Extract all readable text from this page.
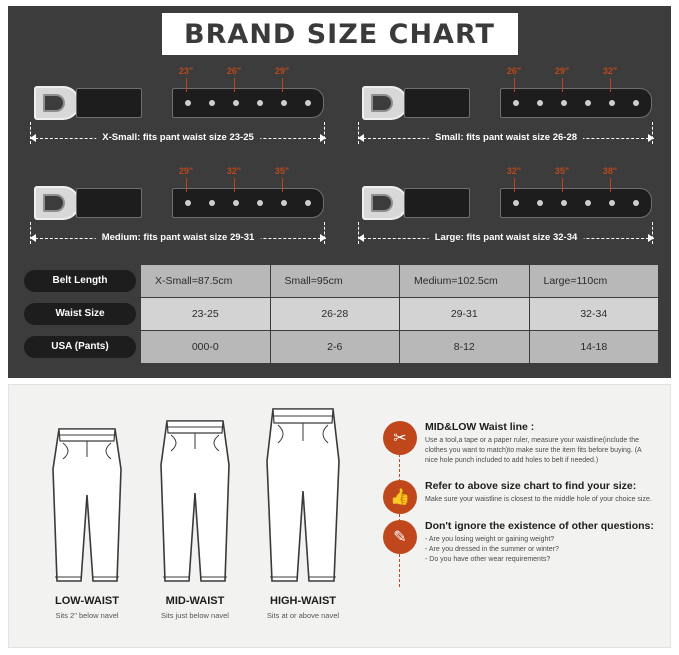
BRAND SIZE CHART
23"	26"	29"
X-Small: fits pant waist size 23-25
26"	29"	32"
Small: fits pant waist size 26-28
29"	32"	35"
Medium: fits pant waist size 29-31
32"	35"	38"
Large: fits pant waist size 32-34
Belt Length	X-Small=87.5cm	Small=95cm	Medium=102.5cm	Large=110cm

Waist Size	23-25	26-28	29-31	32-34

USA (Pants)	000-0	2-6	8-12	14-18
LOW-WAIST
Sits 2" below navel
MID-WAIST
Sits just below navel
HIGH-WAIST
Sits at or above navel
✂
MID&LOW Waist line :
Use a tool,a tape or a paper ruler, measure your waistline(include the
clothes you want to match)to make sure the item fits before buying. (A
nice hole punch included to add holes to belt if needed.)
👍
Refer to above size chart to find your size:
Make sure your waistline is closest to the middle hole of your choice size.
✎
Don't ignore the existence of other questions:
- Are you losing weight or gaining weight?
- Are you dressed in the summer or winter?
- Do you have other wear requirements?
